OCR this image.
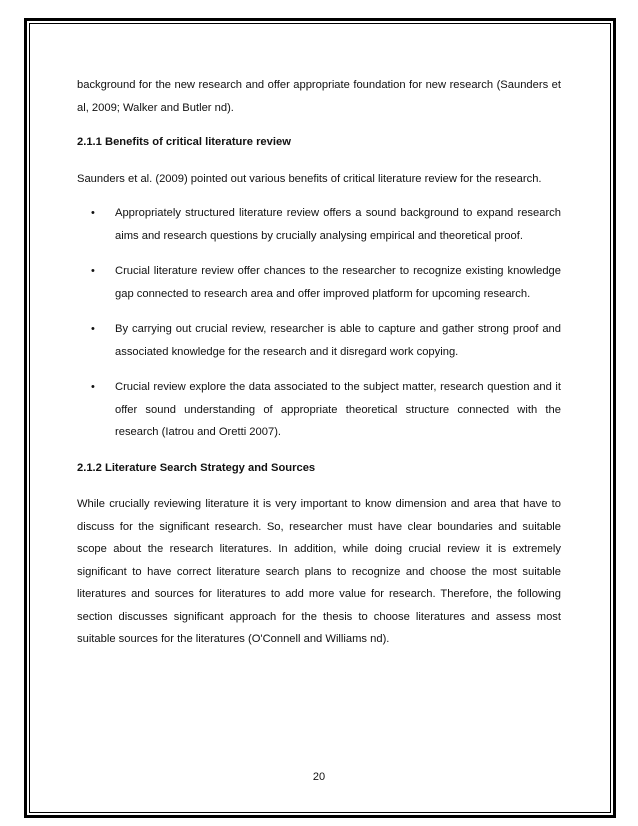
background for the new research and offer appropriate foundation for new research (Saunders et al, 2009; Walker and Butler nd).

2.1.1 Benefits of critical literature review

Saunders et al. (2009) pointed out various benefits of critical literature review for the research.

• Appropriately structured literature review offers a sound background to expand research aims and research questions by crucially analysing empirical and theoretical proof.
• Crucial literature review offer chances to the researcher to recognize existing knowledge gap connected to research area and offer improved platform for upcoming research.
• By carrying out crucial review, researcher is able to capture and gather strong proof and associated knowledge for the research and it disregard work copying.
• Crucial review explore the data associated to the subject matter, research question and it offer sound understanding of appropriate theoretical structure connected with the research (Iatrou and Oretti 2007).

2.1.2 Literature Search Strategy and Sources

While crucially reviewing literature it is very important to know dimension and area that have to discuss for the significant research. So, researcher must have clear boundaries and suitable scope about the research literatures. In addition, while doing crucial review it is extremely significant to have correct literature search plans to recognize and choose the most suitable literatures and sources for literatures to add more value for research. Therefore, the following section discusses significant approach for the thesis to choose literatures and assess most suitable sources for the literatures (O'Connell and Williams nd).

20
